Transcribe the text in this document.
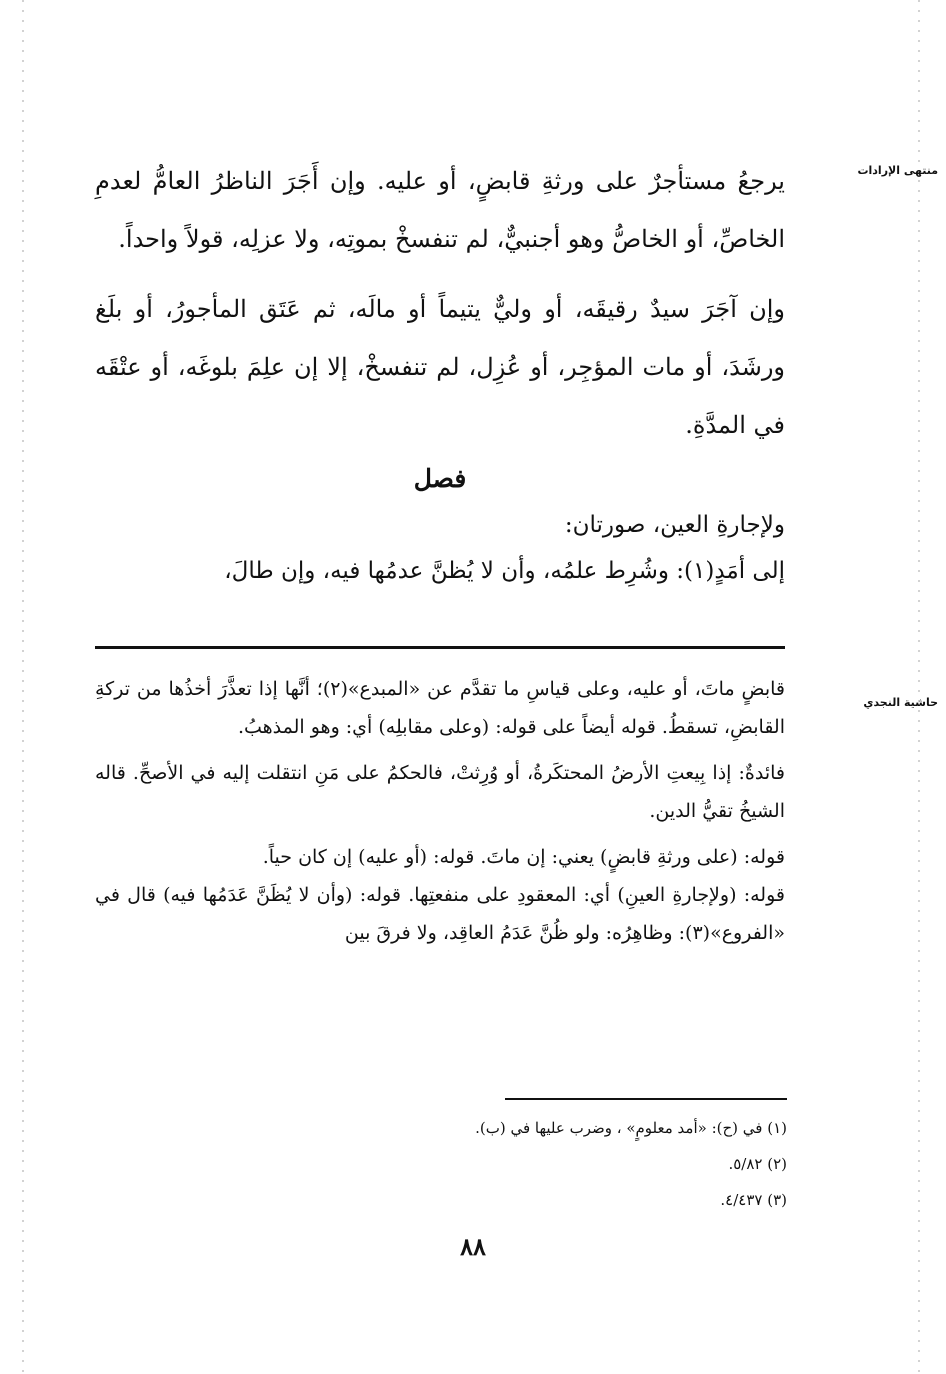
منتهى الإرادات

يرجعُ مستأجرٌ على ورثةِ قابضٍ، أو عليه. وإن أَجَرَ الناظرُ العامُّ لعدمِ الخاصِّ، أو الخاصُّ وهو أجنبيٌّ، لم تنفسخْ بموتِه، ولا عزلِه، قولاً واحداً.

وإن آجَرَ سيدٌ رقيقَه، أو وليٌّ يتيماً أو مالَه، ثم عَتَق المأجورُ، أو بلَغ ورشَدَ، أو مات المؤجِر، أو عُزِل، لم تنفسخْ، إلا إن علِمَ بلوغَه، أو عتْقَه في المدَّةِ.

فصل

ولإجارةِ العين، صورتان:

إلى أمَدٍ(١): وشُرِط علمُه، وأن لا يُظنَّ عدمُها فيه، وإن طالَ،

حاشية النجدي

قابضٍ ماتَ، أو عليه، وعلى قياسِ ما تقدَّم عن «المبدع»(٢)؛ أنَّها إذا تعذَّرَ أخذُها من تركةِ القابضِ، تسقطُ. قوله أيضاً على قوله: (وعلى مقابلِه) أي: وهو المذهبُ.

فائدةٌ: إذا بِيعتِ الأرضُ المحتكَرةُ، أو وُرِثتْ، فالحكمُ على مَنِ انتقلت إليه في الأصحِّ. قاله الشيخُ تقيُّ الدين.

قوله: (على ورثةِ قابضٍ) يعني: إن ماتَ. قوله: (أو عليه) إن كان حياً.

قوله: (ولإجارةِ العينِ) أي: المعقودِ على منفعتِها. قوله: (وأن لا يُظَنَّ عَدَمُها فيه) قال في «الفروع»(٣): وظاهِرُه: ولو ظُنَّ عَدَمُ العاقِد، ولا فرقَ بين

(١) في (ح): «أمد معلومٍ» ، وضرب عليها في (ب).
(٢) ٥/٨٢.
(٣) ٤/٤٣٧.
٨٨
